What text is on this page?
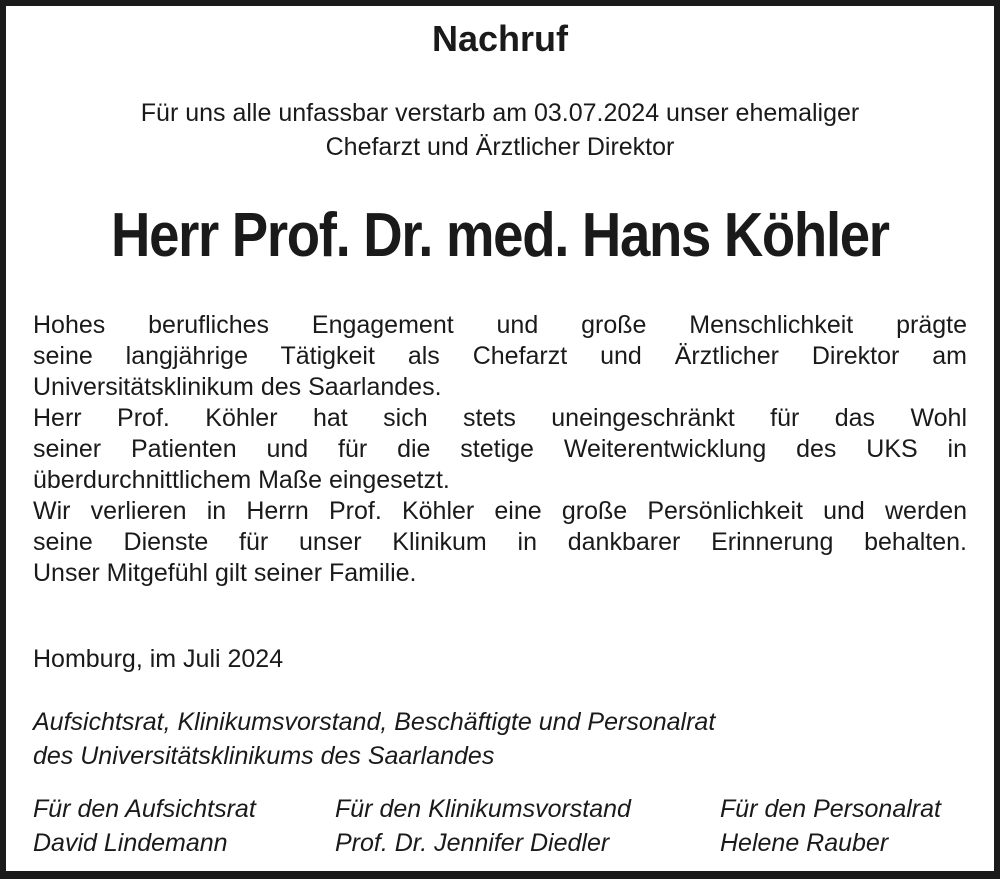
Nachruf
Für uns alle unfassbar verstarb am 03.07.2024 unser ehemaliger
Chefarzt und Ärztlicher Direktor
Herr Prof. Dr. med. Hans Köhler
Hohes berufliches Engagement und große Menschlichkeit prägte
seine langjährige Tätigkeit als Chefarzt und Ärztlicher Direktor am
Universitätsklinikum des Saarlandes.
Herr Prof. Köhler hat sich stets uneingeschränkt für das Wohl
seiner Patienten und für die stetige Weiterentwicklung des UKS in
überdurchnittlichem Maße eingesetzt.
Wir verlieren in Herrn Prof. Köhler eine große Persönlichkeit und werden
seine Dienste für unser Klinikum in dankbarer Erinnerung behalten.
Unser Mitgefühl gilt seiner Familie.
Homburg, im Juli 2024
Aufsichtsrat, Klinikumsvorstand, Beschäftigte und Personalrat
des Universitätsklinikums des Saarlandes
Für den Aufsichtsrat
David Lindemann
Für den Klinikumsvorstand
Prof. Dr. Jennifer Diedler
Für den Personalrat
Helene Rauber
